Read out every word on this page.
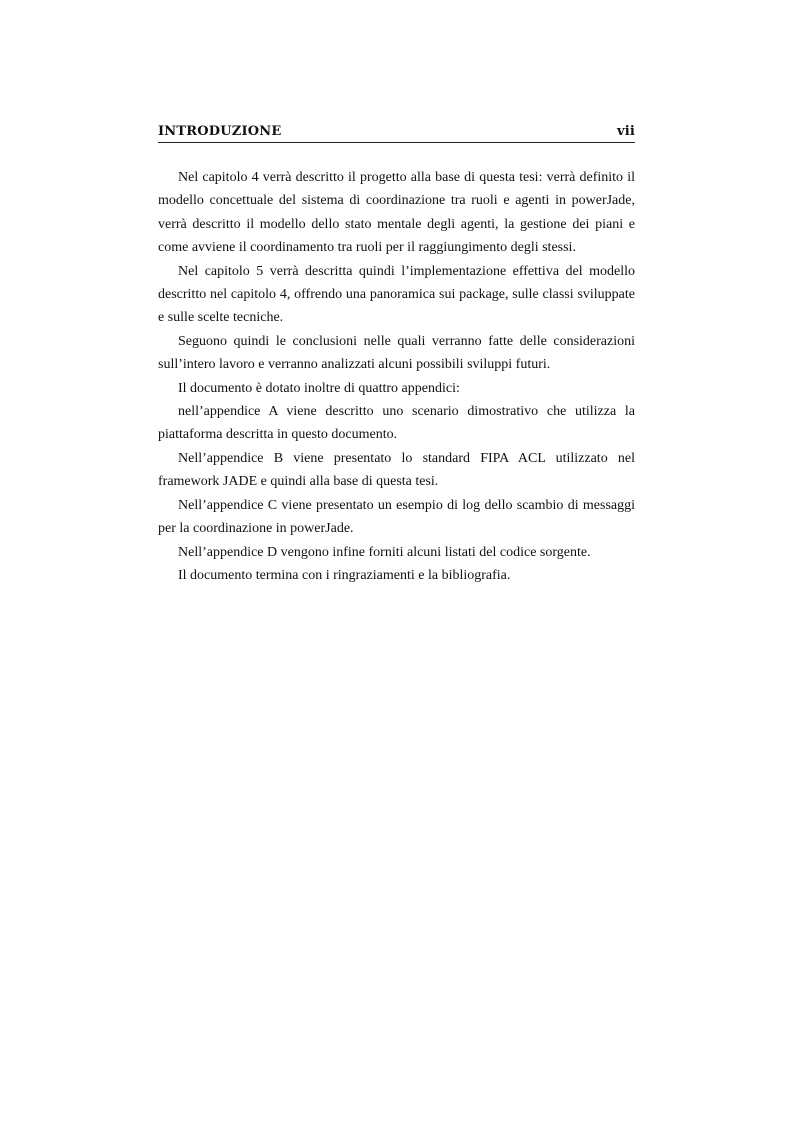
INTRODUZIONE	vii

Nel capitolo 4 verrà descritto il progetto alla base di questa tesi: verrà definito il modello concettuale del sistema di coordinazione tra ruoli e agenti in powerJade, verrà descritto il modello dello stato mentale degli agenti, la gestione dei piani e come avviene il coordinamento tra ruoli per il raggiungimento degli stessi.

Nel capitolo 5 verrà descritta quindi l’implementazione effettiva del modello descritto nel capitolo 4, offrendo una panoramica sui package, sulle classi sviluppate e sulle scelte tecniche.

Seguono quindi le conclusioni nelle quali verranno fatte delle considerazioni sull’intero lavoro e verranno analizzati alcuni possibili sviluppi futuri.

Il documento è dotato inoltre di quattro appendici:

nell’appendice A viene descritto uno scenario dimostrativo che utilizza la piattaforma descritta in questo documento.

Nell’appendice B viene presentato lo standard FIPA ACL utilizzato nel framework JADE e quindi alla base di questa tesi.

Nell’appendice C viene presentato un esempio di log dello scambio di messaggi per la coordinazione in powerJade.

Nell’appendice D vengono infine forniti alcuni listati del codice sorgente.

Il documento termina con i ringraziamenti e la bibliografia.
